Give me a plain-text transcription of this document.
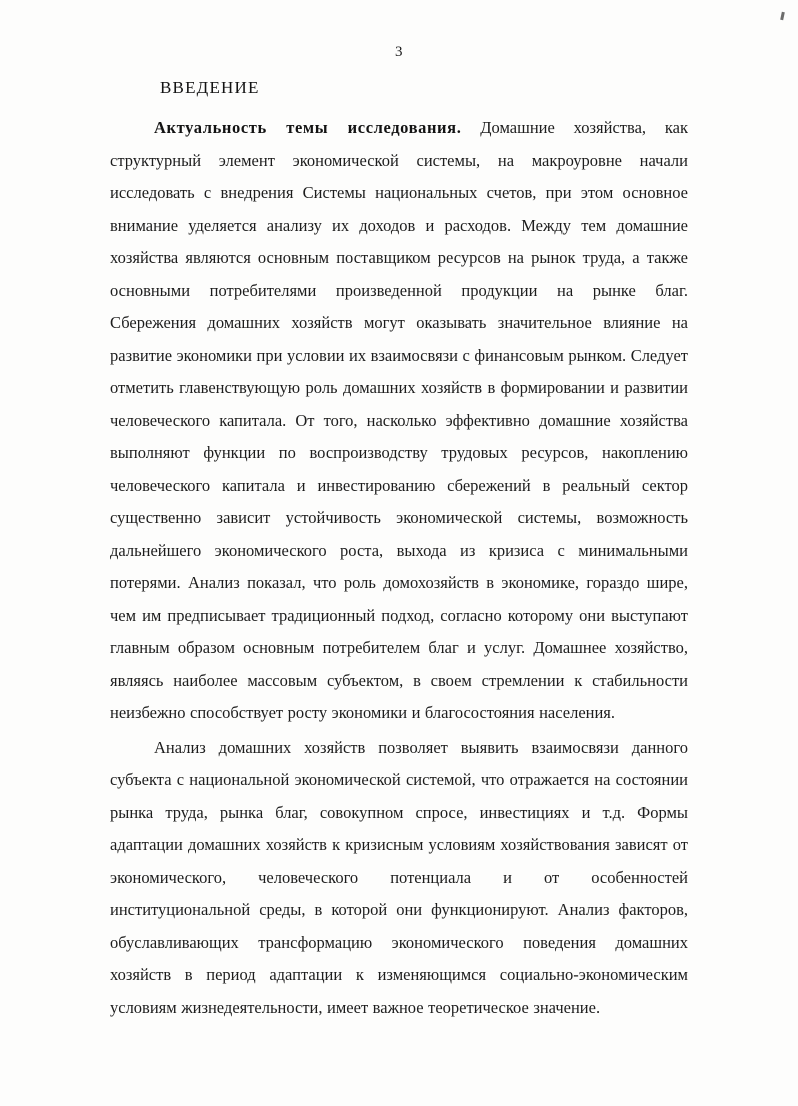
3
ВВЕДЕНИЕ

Актуальность темы исследования. Домашние хозяйства, как структурный элемент экономической системы, на макроуровне начали исследовать с внедрения Системы национальных счетов, при этом основное внимание уделяется анализу их доходов и расходов. Между тем домашние хозяйства являются основным поставщиком ресурсов на рынок труда, а также основными потребителями произведенной продукции на рынке благ. Сбережения домашних хозяйств могут оказывать значительное влияние на развитие экономики при условии их взаимосвязи с финансовым рынком. Следует отметить главенствующую роль домашних хозяйств в формировании и развитии человеческого капитала. От того, насколько эффективно домашние хозяйства выполняют функции по воспроизводству трудовых ресурсов, накоплению человеческого капитала и инвестированию сбережений в реальный сектор существенно зависит устойчивость экономической системы, возможность дальнейшего экономического роста, выхода из кризиса с минимальными потерями. Анализ показал, что роль домохозяйств в экономике, гораздо шире, чем им предписывает традиционный подход, согласно которому они выступают главным образом основным потребителем благ и услуг. Домашнее хозяйство, являясь наиболее массовым субъектом, в своем стремлении к стабильности неизбежно способствует росту экономики и благосостояния населения.

Анализ домашних хозяйств позволяет выявить взаимосвязи данного субъекта с национальной экономической системой, что отражается на состоянии рынка труда, рынка благ, совокупном спросе, инвестициях и т.д. Формы адаптации домашних хозяйств к кризисным условиям хозяйствования зависят от экономического, человеческого потенциала и от особенностей институциональной среды, в которой они функционируют. Анализ факторов, обуславливающих трансформацию экономического поведения домашних хозяйств в период адаптации к изменяющимся социально-экономическим условиям жизнедеятельности, имеет важное теоретическое значение.
